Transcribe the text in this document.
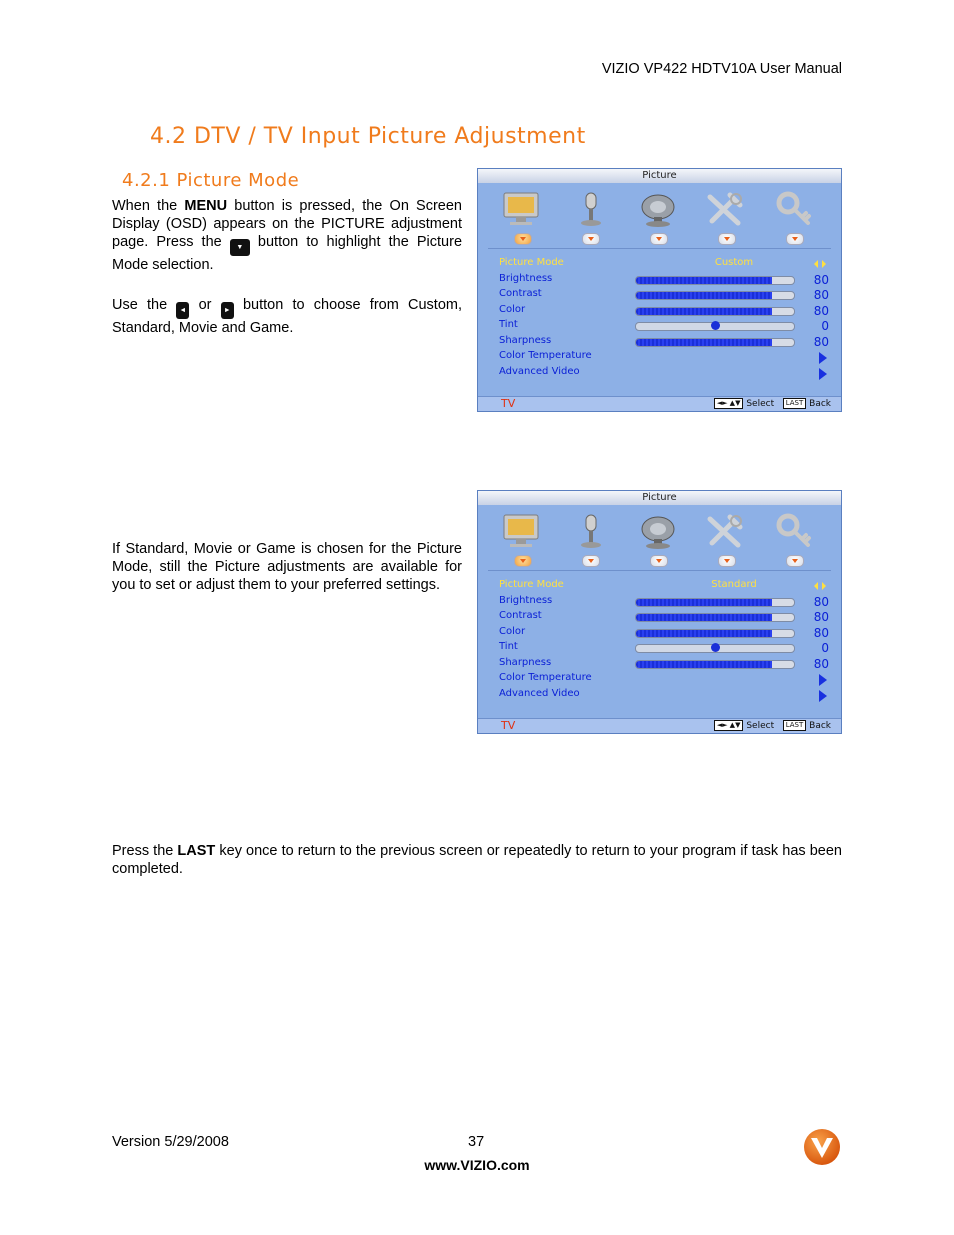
VIZIO VP422 HDTV10A User Manual
4.2 DTV / TV Input Picture Adjustment
4.2.1 Picture Mode
When the MENU button is pressed, the On Screen Display (OSD) appears on the PICTURE adjustment page. Press the ▼ button to highlight the Picture Mode selection.
Use the ◄ or ► button to choose from Custom, Standard, Movie and Game.
If Standard, Movie or Game is chosen for the Picture Mode, still the Picture adjustments are available for you to set or adjust them to your preferred settings.
Press the LAST key once to return to the previous screen or repeatedly to return to your program if task has been completed.
Picture
Picture Mode	Custom
Brightness	80
Contrast	80
Color	80
Tint	0
Sharpness	80
Color Temperature
Advanced Video
TV	◄► ▲▼ Select LAST Back
Picture
Picture Mode	Standard
Brightness	80
Contrast	80
Color	80
Tint	0
Sharpness	80
Color Temperature
Advanced Video
TV	◄► ▲▼ Select LAST Back
Version 5/29/2008	37
www.VIZIO.com
